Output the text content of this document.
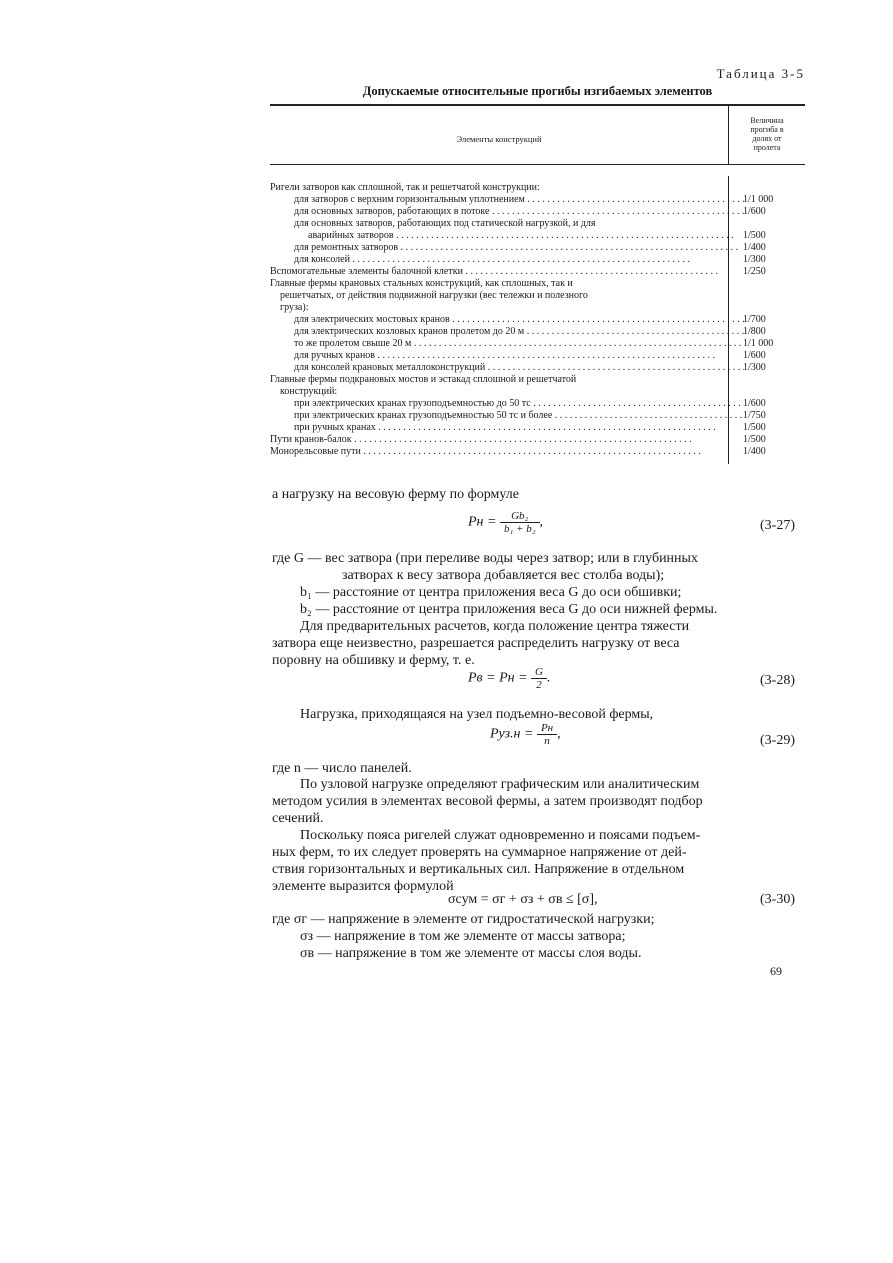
Таблица 3-5
Допускаемые относительные прогибы изгибаемых элементов
Элементы конструкций
Величина
прогиба в
долях от
пролета
Ригели затворов как сплошной, так и решетчатой конструкции:
для затворов с верхним горизонтальным уплотнением . . .	1/1 000
для основных затворов, работающих в потоке . . .	1/600
для основных затворов, работающих под статической нагрузкой, и для
аварийных затворов . . .	1/500
для ремонтных затворов . . .	1/400
для консолей . . .	1/300
Вспомогательные элементы балочной клетки . . .	1/250
Главные фермы крановых стальных конструкций, как сплошных, так и
решетчатых, от действия подвижной нагрузки (вес тележки и полезного
груза):
для электрических мостовых кранов . . .	1/700
для электрических козловых кранов пролетом до 20 м . . .	1/800
то же пролетом свыше 20 м . . .	1/1 000
для ручных кранов . . .	1/600
для консолей крановых металлоконструкций . . .	1/300
Главные фермы подкрановых мостов и эстакад сплошной и решетчатой
конструкций:
при электрических кранах грузоподъемностью до 50 тс . . .	1/600
при электрических кранах грузоподъемностью 50 тс и более . . .	1/750
при ручных кранах . . .	1/500
Пути кранов-балок . . .	1/500
Монорельсовые пути . . .	1/400
а нагрузку на весовую ферму по формуле
Pн = $\frac{\text{Gb₂}}{\text{b₁ + b₂}}$ ,	(3-27)
где G — вес затвора (при переливе воды через затвор; или в глубинных
затворах к весу затвора добавляется вес столба воды);
b₁ — расстояние от центра приложения веса G до оси обшивки;
b₂ — расстояние от центра приложения веса G до оси нижней фермы.
Для предварительных расчетов, когда положение центра тяжести
затвора еще неизвестно, разрешается распределить нагрузку от веса
поровну на обшивку и ферму, т. е.
Pв = Pн = $\frac{G}{2}$ .	(3-28)
Нагрузка, приходящаяся на узел подъемно-весовой фермы,
$Pуз.н = \frac{Pн}{n}$ ,	(3-29)
где n — число панелей.
По узловой нагрузке определяют графическим или аналитическим
методом усилия в элементах весовой фермы, а затем производят подбор
сечений.
Поскольку пояса ригелей служат одновременно и поясами подъем-
ных ферм, то их следует проверять на суммарное напряжение от дей-
ствия горизонтальных и вертикальных сил. Напряжение в отдельном
элементе выразится формулой
σсум = σг + σз + σв ≤ [σ],	(3-30)
где σг — напряжение в элементе от гидростатической нагрузки;
σз — напряжение в том же элементе от массы затвора;
σв — напряжение в том же элементе от массы слоя воды.
69
